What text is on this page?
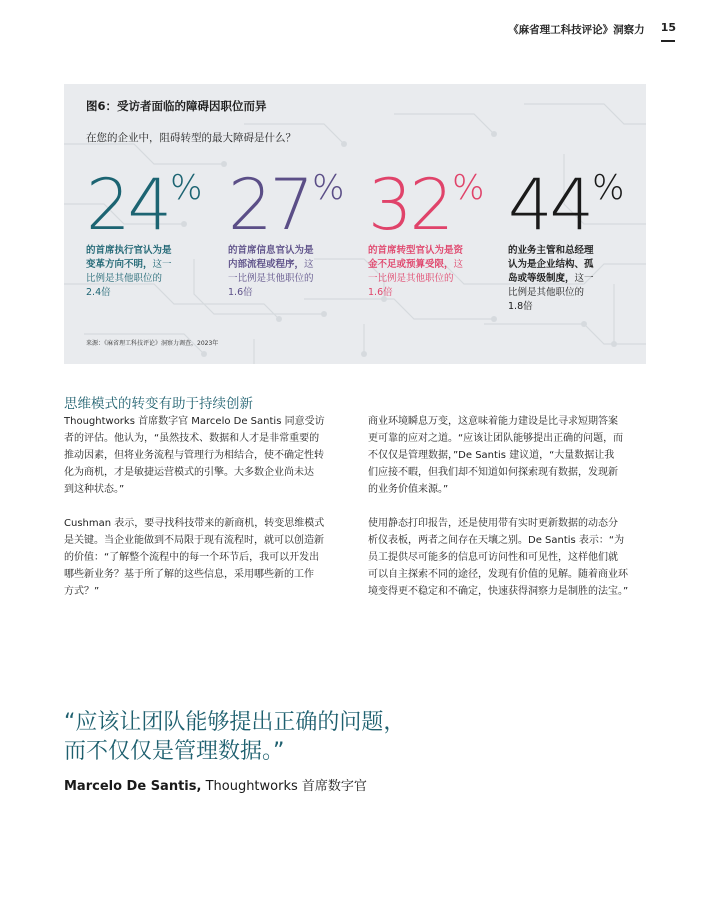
《麻省理工科技评论》洞察力 15
图6：受访者面临的障碍因职位而异
在您的企业中，阻碍转型的最大障碍是什么？
24 %
的首席执行官认为是
变革方向不明，这一
比例是其他职位的
2.4倍
27 %
的首席信息官认为是
内部流程或程序，这
一比例是其他职位的
1.6倍
32 %
的首席转型官认为是资
金不足或预算受限，这
一比例是其他职位的
1.6倍
44 %
的业务主管和总经理
认为是企业结构、孤
岛或等级制度，这一
比例是其他职位的
1.8倍
来源：《麻省理工科技评论》洞察力调查，2023年
思维模式的转变有助于持续创新

Thoughtworks 首席数字官 Marcelo De Santis 同意受访
者的评估。他认为，“虽然技术、数据和人才是非常重要的
推动因素，但将业务流程与管理行为相结合，使不确定性转
化为商机，才是敏捷运营模式的引擎。大多数企业尚未达
到这种状态。”

Cushman 表示，要寻找科技带来的新商机，转变思维模式
是关键。当企业能做到不局限于现有流程时，就可以创造新
的价值：“了解整个流程中的每一个环节后，我可以开发出
哪些新业务？基于所了解的这些信息，采用哪些新的工作
方式？”

商业环境瞬息万变，这意味着能力建设是比寻求短期答案
更可靠的应对之道。“应该让团队能够提出正确的问题，而
不仅仅是管理数据，”De Santis 建议道，“大量数据让我
们应接不暇，但我们却不知道如何探索现有数据，发现新
的业务价值来源。”

使用静态打印报告，还是使用带有实时更新数据的动态分
析仪表板，两者之间存在天壤之别。De Santis 表示：“为
员工提供尽可能多的信息可访问性和可见性，这样他们就
可以自主探索不同的途径，发现有价值的见解。随着商业环
境变得更不稳定和不确定，快速获得洞察力是制胜的法宝。”

“应该让团队能够提出正确的问题，
而不仅仅是管理数据。”
Marcelo De Santis, Thoughtworks 首席数字官
